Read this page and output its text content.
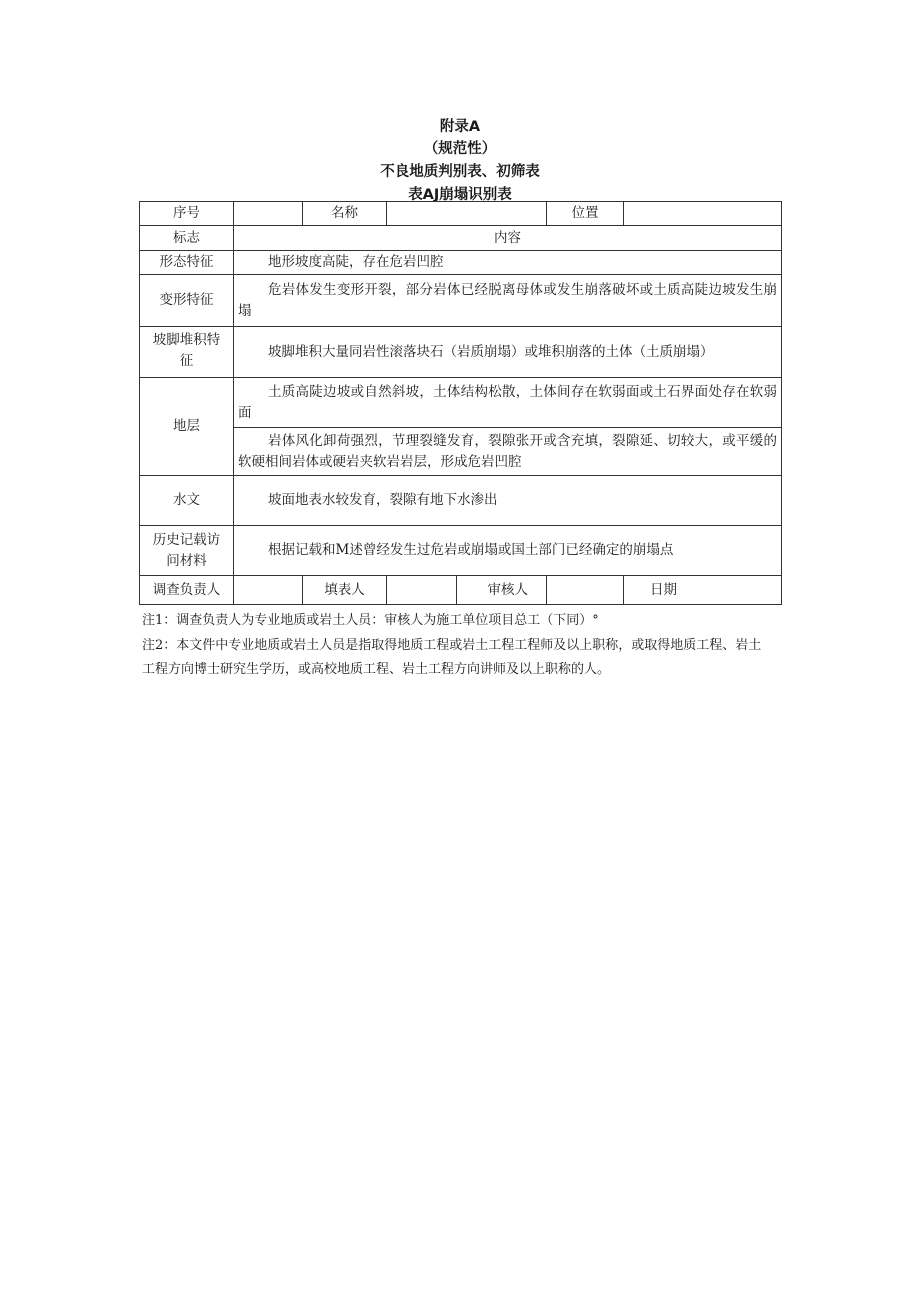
附录A
（规范性）
不良地质判别表、初筛表
表AJ崩塌识别表
序号		名称			位置	
标志	内容					
形态特征	地形坡度高陡，存在危岩凹腔					
变形特征	危岩体发生变形开裂，部分岩体已经脱离母体或发生崩落破坏或土质高陡边坡发生崩塌					
坡脚堆积特 征	坡脚堆积大量同岩性滚落块石（岩质崩塌）或堆积崩落的土体（土质崩塌）					
地层	土质高陡边坡或自然斜坡，土体结构松散，土体间存在软弱面或土石界面处存在软弱面					
	岩体风化卸荷强烈，节理裂缝发育，裂隙张开或含充填，裂隙延、切较大，或平缓的软硬相间岩体或硬岩夹软岩岩层，形成危岩凹腔					
水文	坡面地表水较发育，裂隙有地下水渗出					
历史记载访 问材料	根据记载和M述曾经发生过危岩或崩塌或国土部门已经确定的崩塌点					
调查负责人		填表人		审核人		日期

注1：调查负责人为专业地质或岩土人员：审核人为施工单位项目总工（下同）°

注2：本文件中专业地质或岩土人员是指取得地质工程或岩土工程工程师及以上职称，或取得地质工程、岩土工程方向博士研究生学历，或高校地质工程、岩土工程方向讲师及以上职称的人。
